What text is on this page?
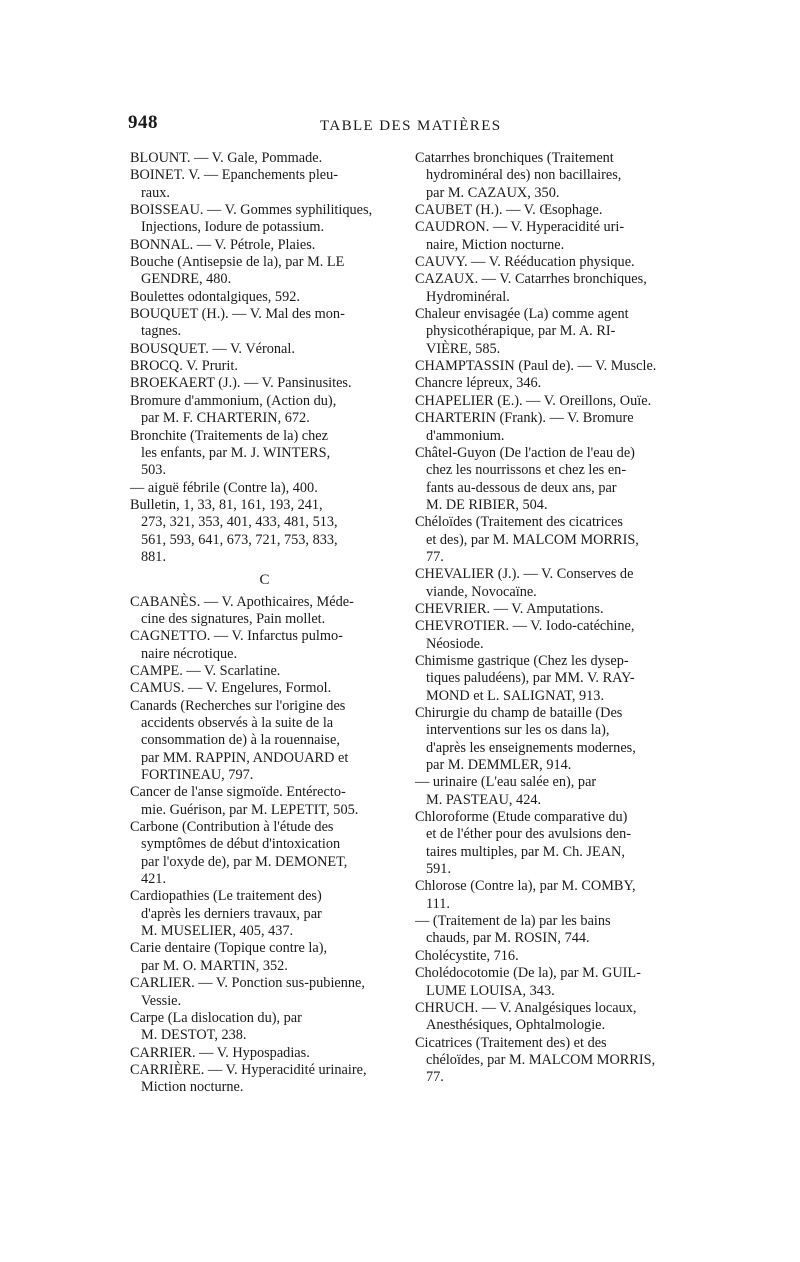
948	TABLE DES MATIÈRES

BLOUNT. — V. Gale, Pommade.

BOINET. V. — Epanchements pleu-
raux.

BOISSEAU. — V. Gommes syphilitiques,
Injections, Iodure de potassium.

BONNAL. — V. Pétrole, Plaies.

Bouche (Antisepsie de la), par M. LE
GENDRE, 480.

Boulettes odontalgiques, 592.

BOUQUET (H.). — V. Mal des mon-
tagnes.

BOUSQUET. — V. Véronal.

BROCQ. V. Prurit.

BROEKAERT (J.). — V. Pansinusites.

Bromure d'ammonium, (Action du),
par M. F. CHARTERIN, 672.

Bronchite (Traitements de la) chez
les enfants, par M. J. WINTERS,
503.

— aiguë fébrile (Contre la), 400.

Bulletin, 1, 33, 81, 161, 193, 241,
273, 321, 353, 401, 433, 481, 513,
561, 593, 641, 673, 721, 753, 833,
881.

C

CABANÈS. — V. Apothicaires, Méde-
cine des signatures, Pain mollet.

CAGNETTO. — V. Infarctus pulmo-
naire nécrotique.

CAMPE. — V. Scarlatine.

CAMUS. — V. Engelures, Formol.

Canards (Recherches sur l'origine des
accidents observés à la suite de la
consommation de) à la rouennaise,
par MM. RAPPIN, ANDOUARD et
FORTINEAU, 797.

Cancer de l'anse sigmoïde. Entérecto-
mie. Guérison, par M. LEPETIT, 505.

Carbone (Contribution à l'étude des
symptômes de début d'intoxication
par l'oxyde de), par M. DEMONET,
421.

Cardiopathies (Le traitement des)
d'après les derniers travaux, par
M. MUSELIER, 405, 437.

Carie dentaire (Topique contre la),
par M. O. MARTIN, 352.

CARLIER. — V. Ponction sus-pubienne,
Vessie.

Carpe (La dislocation du), par
M. DESTOT, 238.

CARRIER. — V. Hypospadias.

CARRIÈRE. — V. Hyperacidité urinaire,
Miction nocturne.

Catarrhes bronchiques (Traitement
hydrominéral des) non bacillaires,
par M. CAZAUX, 350.

CAUBET (H.). — V. Œsophage.

CAUDRON. — V. Hyperacidité uri-
naire, Miction nocturne.

CAUVY. — V. Rééducation physique.

CAZAUX. — V. Catarrhes bronchiques,
Hydrominéral.

Chaleur envisagée (La) comme agent
physicothérapique, par M. A. RI-
VIÈRE, 585.

CHAMPTASSIN (Paul de). — V. Muscle.

Chancre lépreux, 346.

CHAPELIER (E.). — V. Oreillons, Ouïe.

CHARTERIN (Frank). — V. Bromure
d'ammonium.

Châtel-Guyon (De l'action de l'eau de)
chez les nourrissons et chez les en-
fants au-dessous de deux ans, par
M. DE RIBIER, 504.

Chéloïdes (Traitement des cicatrices
et des), par M. MALCOM MORRIS,
77.

CHEVALIER (J.). — V. Conserves de
viande, Novocaïne.

CHEVRIER. — V. Amputations.

CHEVROTIER. — V. Iodo-catéchine,
Néosiode.

Chimisme gastrique (Chez les dysep-
tiques paludéens), par MM. V. RAY-
MOND et L. SALIGNAT, 913.

Chirurgie du champ de bataille (Des
interventions sur les os dans la),
d'après les enseignements modernes,
par M. DEMMLER, 914.

— urinaire (L'eau salée en), par
M. PASTEAU, 424.

Chloroforme (Etude comparative du)
et de l'éther pour des avulsions den-
taires multiples, par M. Ch. JEAN,
591.

Chlorose (Contre la), par M. COMBY,
111.

— (Traitement de la) par les bains
chauds, par M. ROSIN, 744.

Cholécystite, 716.

Cholédocotomie (De la), par M. GUIL-
LUME LOUISA, 343.

CHRUCH. — V. Analgésiques locaux,
Anesthésiques, Ophtalmologie.

Cicatrices (Traitement des) et des
chéloïdes, par M. MALCOM MORRIS,
77.
